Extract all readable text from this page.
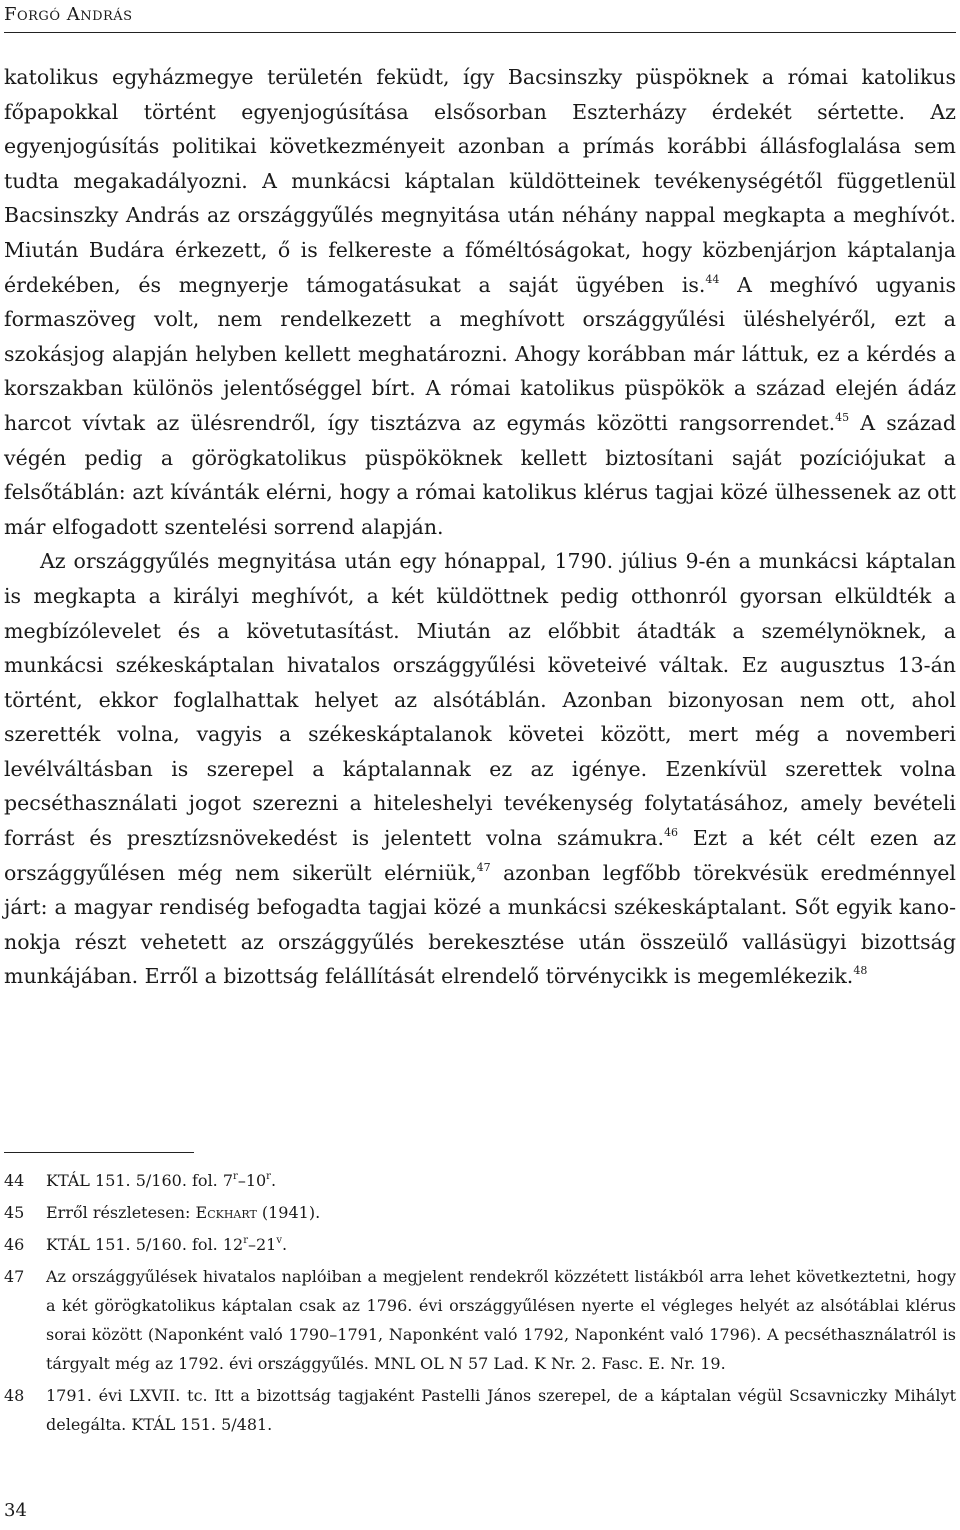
Forgó András

katolikus egyházmegye területén feküdt, így Bacsinszky püspöknek a római katolikus főpapokkal történt egyenjogúsítása elsősorban Eszterházy érdekét sértette. Az egyenjogúsítás politikai következményeit azonban a prímás korábbi állásfoglalása sem tudta megakadályozni. A munkácsi káptalan küldötteinek tevékenységétől függetlenül Bacsinszky András az országgyűlés megnyitása után néhány nappal megkapta a meghívót. Miután Budára érkezett, ő is felkereste a főméltóságokat, hogy közbenjárjon káptalanja érdekében, és megnyerje támogatásukat a saját ügyében is.$^{44}$ A meghívó ugyanis formaszöveg volt, nem rendelkezett a meghívott országgyűlési üléshelyéről, ezt a szokásjog alapján helyben kellett meghatározni. Ahogy korábban már láttuk, ez a kérdés a korszakban különös jelentőséggel bírt. A római katolikus püspökök a század elején ádáz harcot vívtak az ülésrendről, így tisztázva az egymás közötti rangsorrendet.$^{45}$ A század végén pedig a görögkatolikus püspököknek kellett biztosítani saját pozíciójukat a felsőtáblán: azt kívánták elérni, hogy a római katolikus klérus tagjai közé ülhessenek az ott már elfogadott szentelési sorrend alapján.

Az országgyűlés megnyitása után egy hónappal, 1790. július 9-én a munkácsi káptalan is megkapta a királyi meghívót, a két küldöttnek pedig otthonról gyorsan elküldték a megbízólevelet és a követutasítást. Miután az előbbit átadták a személynöknek, a munkácsi székeskáptalan hivatalos országgyűlési követeivé váltak. Ez augusztus 13-án történt, ekkor foglalhattak helyet az alsótáblán. Azonban bizonyosan nem ott, ahol szerették volna, vagyis a székeskáptalanok követei között, mert még a novemberi levélváltásban is szerepel a káptalannak ez az igénye. Ezenkívül szerettek volna pecséthasználati jogot szerezni a hiteleshelyi tevékenység folytatásához, amely bevételi forrást és presztízsnövekedést is jelentett volna számukra.$^{46}$ Ezt a két célt ezen az országgyűlésen még nem sikerült elérniük,$^{47}$ azonban legfőbb törekvésük eredménnyel járt: a magyar rendiség befogadta tagjai közé a munkácsi székeskáptalant. Sőt egyik kanonokja részt vehetett az országgyűlés berekesztése után összeülő vallásügyi bizottság munkájában. Erről a bizottság felállítását elrendelő törvénycikk is megemlékezik.$^{48}$

44	KTÁL 151. 5/160. fol. 7$^r$–10$^r$.
45	Erről részletesen: Eckhart (1941).
46	KTÁL 151. 5/160. fol. 12$^r$–21$^v$.
47	Az országgyűlések hivatalos naplóiban a megjelent rendekről közzétett listákból arra lehet következtetni, hogy a két görögkatolikus káptalan csak az 1796. évi országgyűlésen nyerte el végleges helyét az alsótáblai klérus sorai között (Naponként való 1790–1791, Naponként való 1792, Naponként való 1796). A pecséthasználatról is tárgyalt még az 1792. évi országgyűlés. MNL OL N 57 Lad. K Nr. 2. Fasc. E. Nr. 19.
48	1791. évi LXVII. tc. Itt a bizottság tagjaként Pastelli János szerepel, de a káptalan végül Scsavniczky Mihályt delegálta. KTÁL 151. 5/481.
34
